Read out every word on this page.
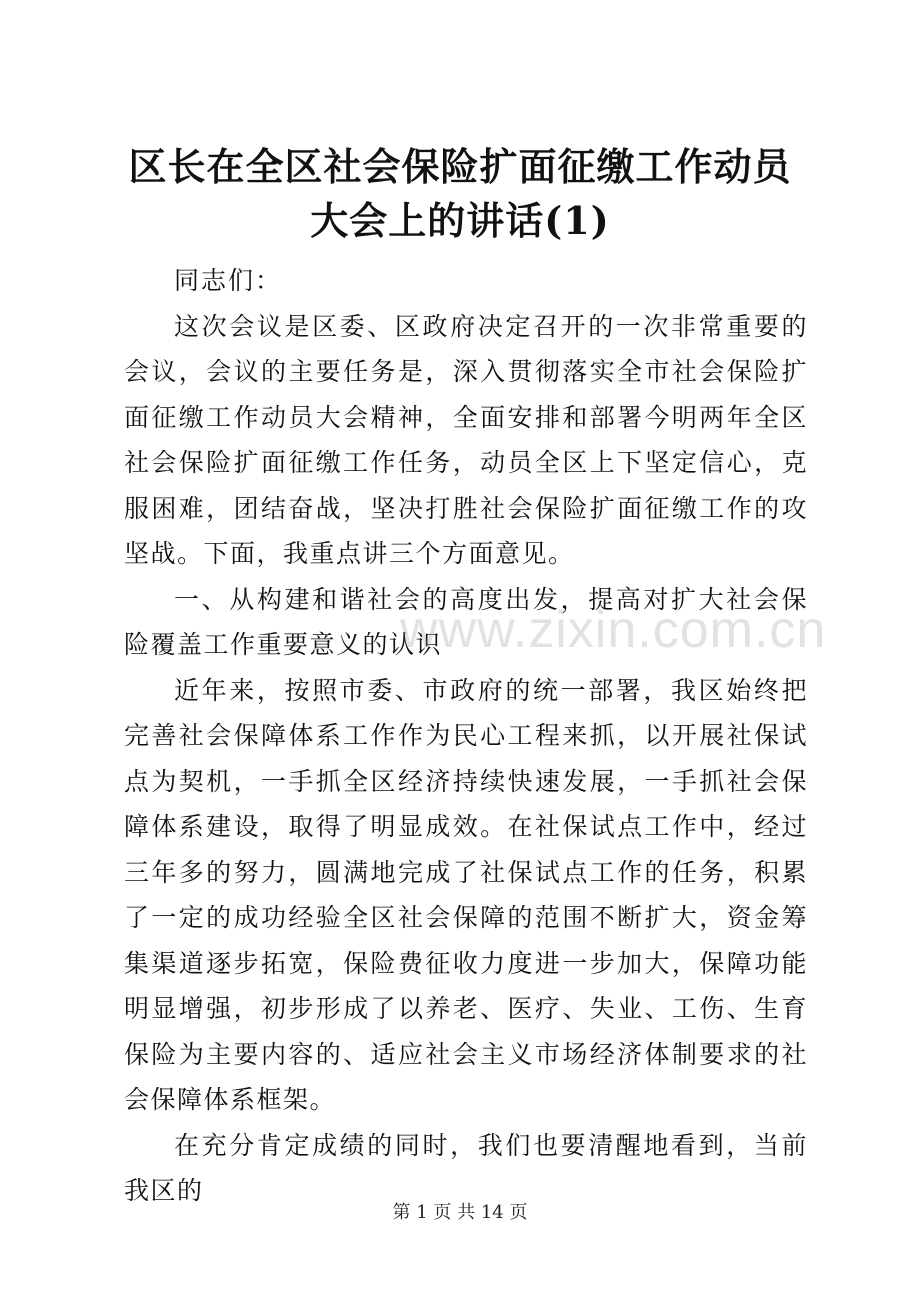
区长在全区社会保险扩面征缴工作动员大会上的讲话(1)

同志们：

这次会议是区委、区政府决定召开的一次非常重要的会议，会议的主要任务是，深入贯彻落实全市社会保险扩面征缴工作动员大会精神，全面安排和部署今明两年全区社会保险扩面征缴工作任务，动员全区上下坚定信心，克服困难，团结奋战，坚决打胜社会保险扩面征缴工作的攻坚战。下面，我重点讲三个方面意见。

一、从构建和谐社会的高度出发，提高对扩大社会保险覆盖工作重要意义的认识

近年来，按照市委、市政府的统一部署，我区始终把完善社会保障体系工作作为民心工程来抓，以开展社保试点为契机，一手抓全区经济持续快速发展，一手抓社会保障体系建设，取得了明显成效。在社保试点工作中，经过三年多的努力，圆满地完成了社保试点工作的任务，积累了一定的成功经验全区社会保障的范围不断扩大，资金筹集渠道逐步拓宽，保险费征收力度进一步加大，保障功能明显增强，初步形成了以养老、医疗、失业、工伤、生育保险为主要内容的、适应社会主义市场经济体制要求的社会保障体系框架。

在充分肯定成绩的同时，我们也要清醒地看到，当前我区的

www.zixin.com.cn
第 1 页 共 14 页
